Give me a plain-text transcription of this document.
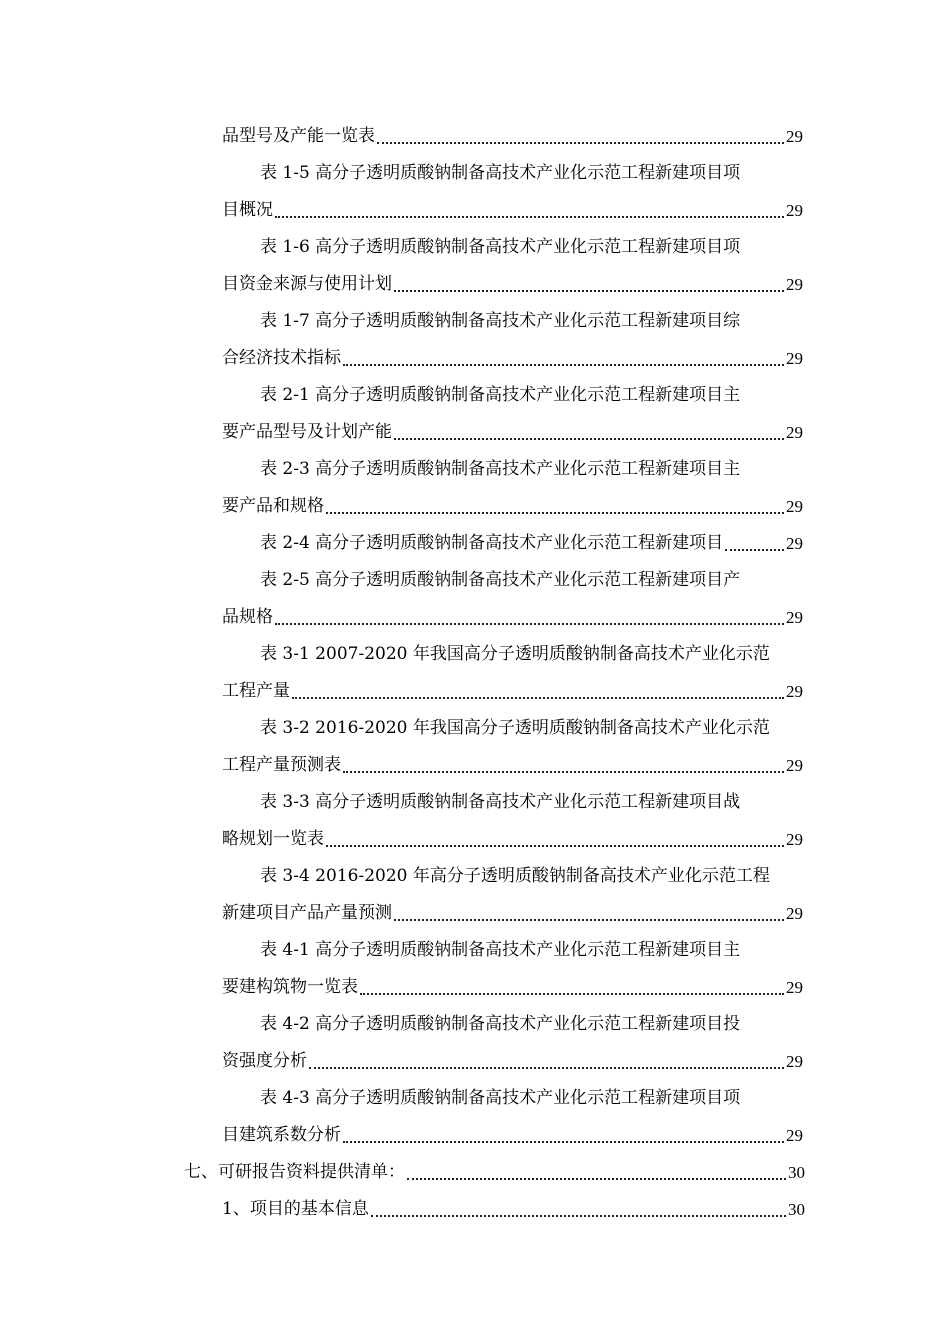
品型号及产能一览表	29
表 1-5 高分子透明质酸钠制备高技术产业化示范工程新建项目项
目概况	29
表 1-6 高分子透明质酸钠制备高技术产业化示范工程新建项目项
目资金来源与使用计划	29
表 1-7 高分子透明质酸钠制备高技术产业化示范工程新建项目综
合经济技术指标	29
表 2-1 高分子透明质酸钠制备高技术产业化示范工程新建项目主
要产品型号及计划产能	29
表 2-3 高分子透明质酸钠制备高技术产业化示范工程新建项目主
要产品和规格	29
表 2-4 高分子透明质酸钠制备高技术产业化示范工程新建项目	29
表 2-5 高分子透明质酸钠制备高技术产业化示范工程新建项目产
品规格	29
表 3-1 2007-2020 年我国高分子透明质酸钠制备高技术产业化示范
工程产量	29
表 3-2 2016-2020 年我国高分子透明质酸钠制备高技术产业化示范
工程产量预测表	29
表 3-3 高分子透明质酸钠制备高技术产业化示范工程新建项目战
略规划一览表	29
表 3-4 2016-2020 年高分子透明质酸钠制备高技术产业化示范工程
新建项目产品产量预测	29
表 4-1 高分子透明质酸钠制备高技术产业化示范工程新建项目主
要建构筑物一览表	29
表 4-2 高分子透明质酸钠制备高技术产业化示范工程新建项目投
资强度分析	29
表 4-3 高分子透明质酸钠制备高技术产业化示范工程新建项目项
目建筑系数分析	29
七、可研报告资料提供清单：	30
1、项目的基本信息	30
